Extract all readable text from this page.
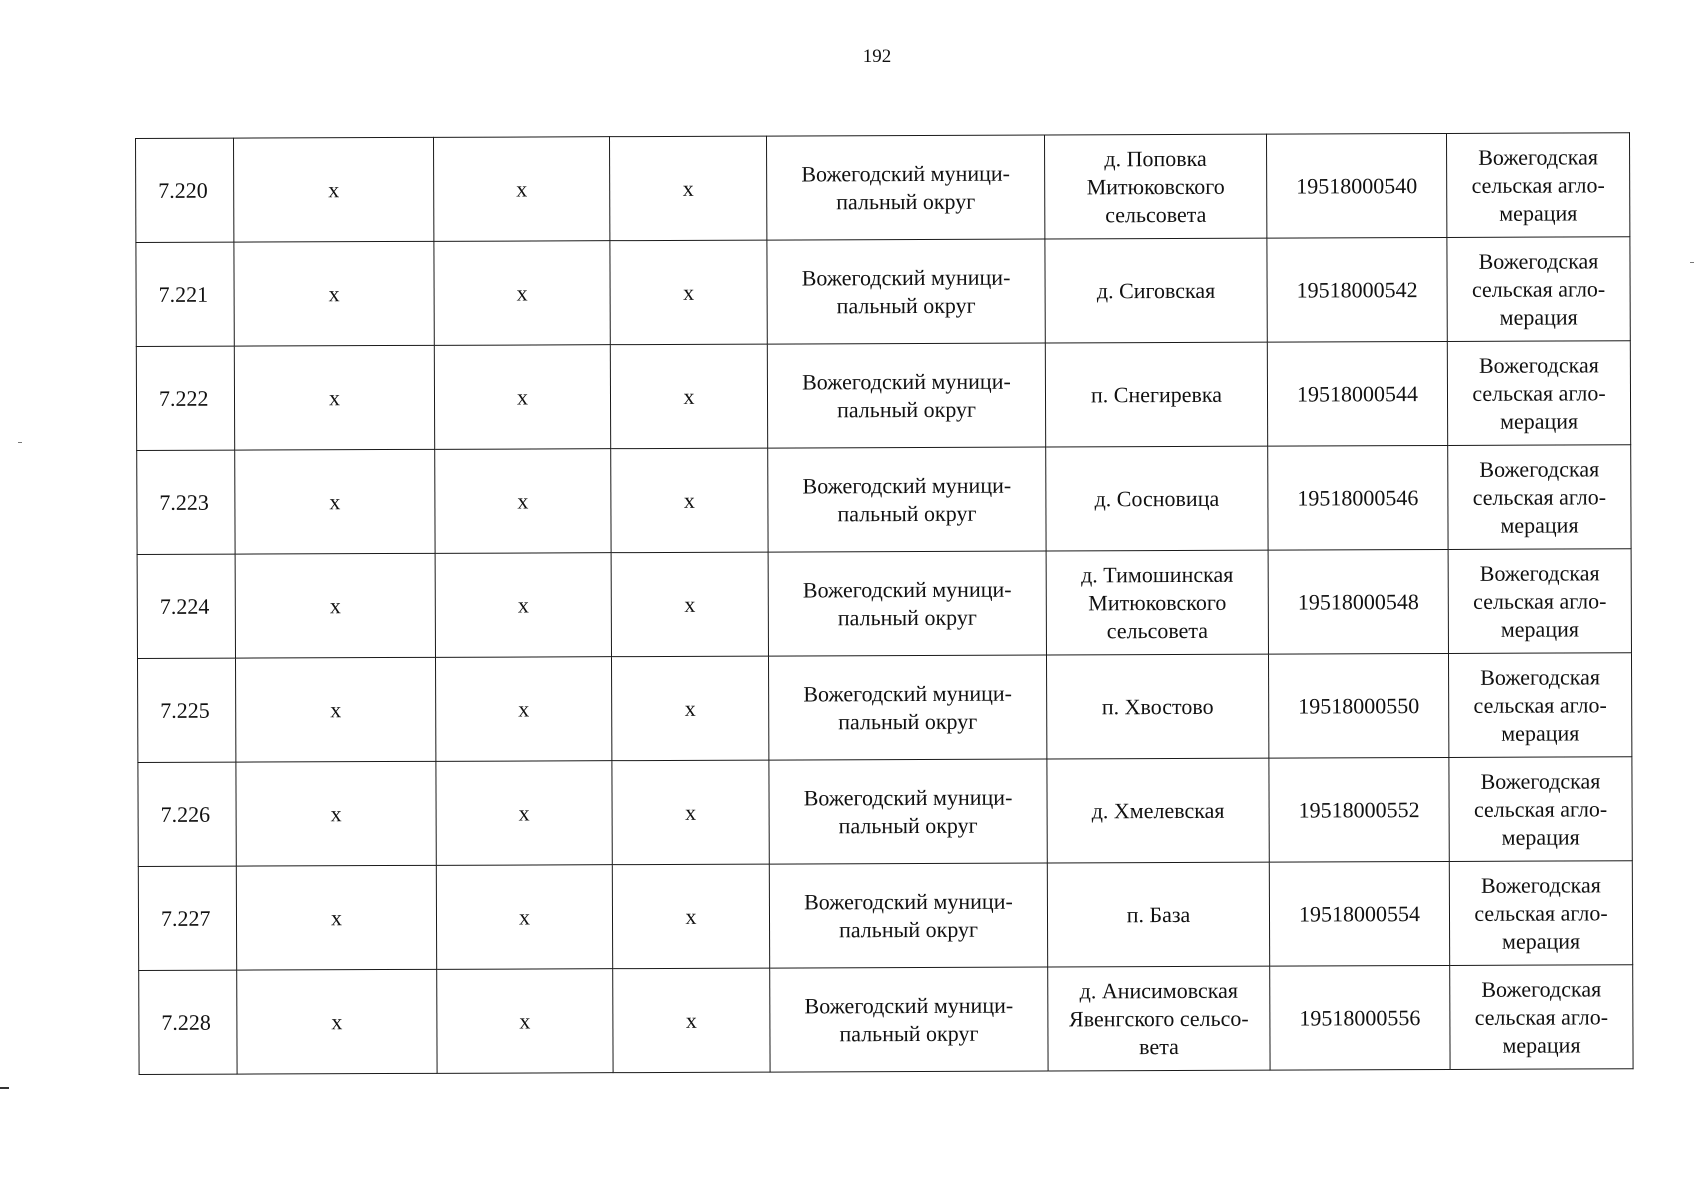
192
7.220	x	x	x	Вожегодский муници-
пальный округ	д. Поповка
Митюковского
сельсовета	19518000540	Вожегодская
сельская агло-
мерация
7.221	x	x	x	Вожегодский муници-
пальный округ	д. Сиговская	19518000542	Вожегодская
сельская агло-
мерация
7.222	x	x	x	Вожегодский муници-
пальный округ	п. Снегиревка	19518000544	Вожегодская
сельская агло-
мерация
7.223	x	x	x	Вожегодский муници-
пальный округ	д. Сосновица	19518000546	Вожегодская
сельская агло-
мерация
7.224	x	x	x	Вожегодский муници-
пальный округ	д. Тимошинская
Митюковского
сельсовета	19518000548	Вожегодская
сельская агло-
мерация
7.225	x	x	x	Вожегодский муници-
пальный округ	п. Хвостово	19518000550	Вожегодская
сельская агло-
мерация
7.226	x	x	x	Вожегодский муници-
пальный округ	д. Хмелевская	19518000552	Вожегодская
сельская агло-
мерация
7.227	x	x	x	Вожегодский муници-
пальный округ	п. База	19518000554	Вожегодская
сельская агло-
мерация
7.228	x	x	x	Вожегодский муници-
пальный округ	д. Анисимовская
Явенгского сельсо-
вета	19518000556	Вожегодская
сельская агло-
мерация
